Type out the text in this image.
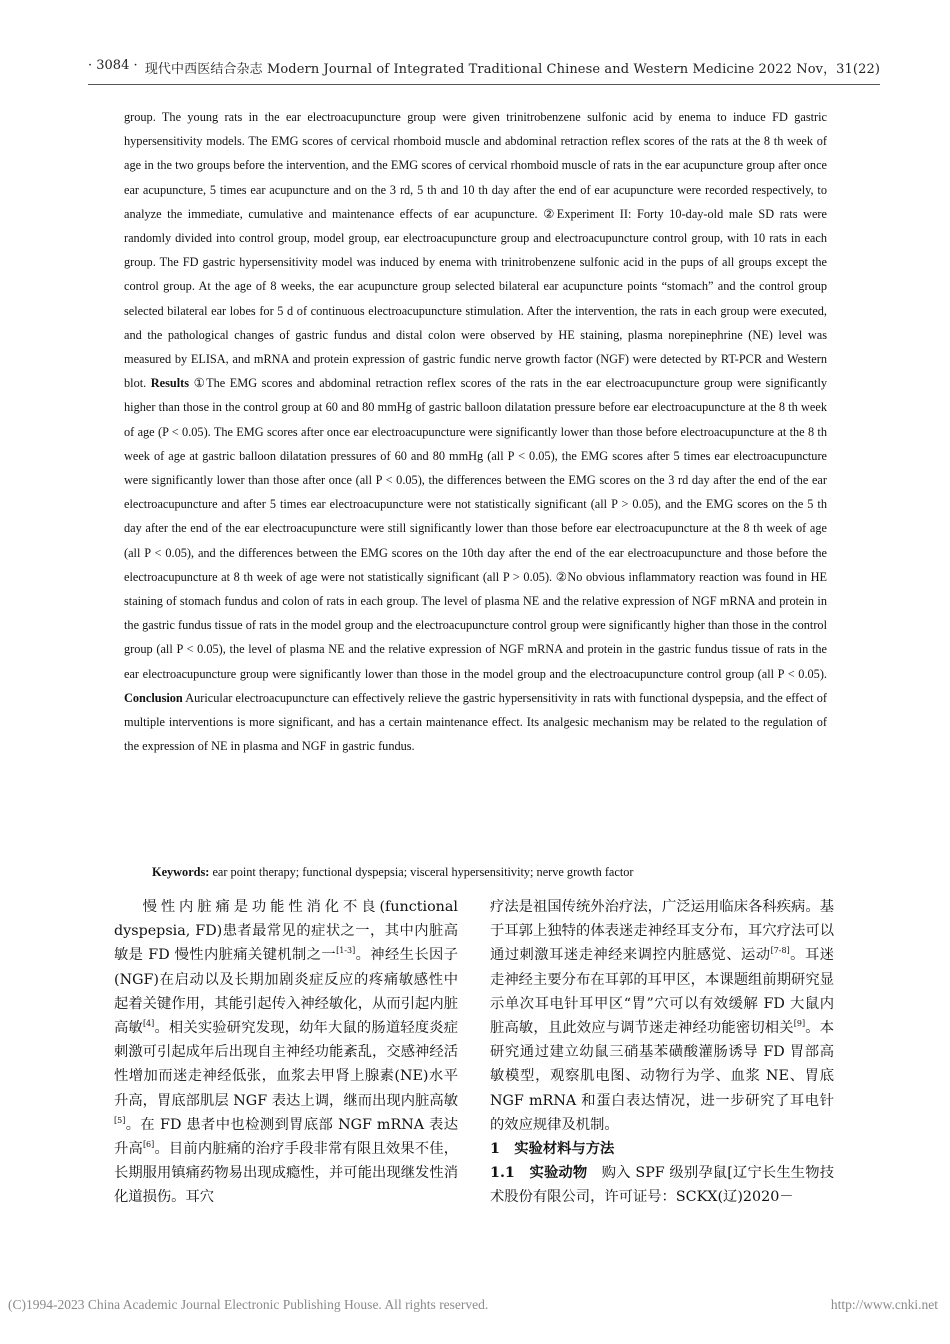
· 3084 · 现代中西医结合杂志 Modern Journal of Integrated Traditional Chinese and Western Medicine 2022 Nov，31(22)

group. The young rats in the ear electroacupuncture group were given trinitrobenzene sulfonic acid by enema to induce FD gastric hypersensitivity models. The EMG scores of cervical rhomboid muscle and abdominal retraction reflex scores of the rats at the 8 th week of age in the two groups before the intervention, and the EMG scores of cervical rhomboid muscle of rats in the ear acupuncture group after once ear acupuncture, 5 times ear acupuncture and on the 3 rd, 5 th and 10 th day after the end of ear acupuncture were recorded respectively, to analyze the immediate, cumulative and maintenance effects of ear acupuncture. ②Experiment II: Forty 10-day-old male SD rats were randomly divided into control group, model group, ear electroacupuncture group and electroacupuncture control group, with 10 rats in each group. The FD gastric hypersensitivity model was induced by enema with trinitrobenzene sulfonic acid in the pups of all groups except the control group. At the age of 8 weeks, the ear acupuncture group selected bilateral ear acupuncture points “stomach” and the control group selected bilateral ear lobes for 5 d of continuous electroacupuncture stimulation. After the intervention, the rats in each group were executed, and the pathological changes of gastric fundus and distal colon were observed by HE staining, plasma norepinephrine (NE) level was measured by ELISA, and mRNA and protein expression of gastric fundic nerve growth factor (NGF) were detected by RT-PCR and Western blot. Results ①The EMG scores and abdominal retraction reflex scores of the rats in the ear electroacupuncture group were significantly higher than those in the control group at 60 and 80 mmHg of gastric balloon dilatation pressure before ear electroacupuncture at the 8 th week of age (P < 0.05). The EMG scores after once ear electroacupuncture were significantly lower than those before electroacupuncture at the 8 th week of age at gastric balloon dilatation pressures of 60 and 80 mmHg (all P < 0.05), the EMG scores after 5 times ear electroacupuncture were significantly lower than those after once (all P < 0.05), the differences between the EMG scores on the 3 rd day after the end of the ear electroacupuncture and after 5 times ear electroacupuncture were not statistically significant (all P > 0.05), and the EMG scores on the 5 th day after the end of the ear electroacupuncture were still significantly lower than those before ear electroacupuncture at the 8 th week of age (all P < 0.05), and the differences between the EMG scores on the 10th day after the end of the ear electroacupuncture and those before the electroacupuncture at 8 th week of age were not statistically significant (all P > 0.05). ②No obvious inflammatory reaction was found in HE staining of stomach fundus and colon of rats in each group. The level of plasma NE and the relative expression of NGF mRNA and protein in the gastric fundus tissue of rats in the model group and the electroacupuncture control group were significantly higher than those in the control group (all P < 0.05), the level of plasma NE and the relative expression of NGF mRNA and protein in the gastric fundus tissue of rats in the ear electroacupuncture group were significantly lower than those in the model group and the electroacupuncture control group (all P < 0.05). Conclusion Auricular electroacupuncture can effectively relieve the gastric hypersensitivity in rats with functional dyspepsia, and the effect of multiple interventions is more significant, and has a certain maintenance effect. Its analgesic mechanism may be related to the regulation of the expression of NE in plasma and NGF in gastric fundus.

Keywords: ear point therapy; functional dyspepsia; visceral hypersensitivity; nerve growth factor

慢性内脏痛是功能性消化不良(functional dyspepsia, FD)患者最常见的症状之一，其中内脏高敏是 FD 慢性内脏痛关键机制之一[1-3]。神经生长因子(NGF)在启动以及长期加剧炎症反应的疼痛敏感性中起着关键作用，其能引起传入神经敏化，从而引起内脏高敏[4]。相关实验研究发现，幼年大鼠的肠道轻度炎症刺激可引起成年后出现自主神经功能紊乱，交感神经活性增加而迷走神经低张，血浆去甲肾上腺素(NE)水平升高，胃底部肌层 NGF 表达上调，继而出现内脏高敏[5]。在 FD 患者中也检测到胃底部 NGF mRNA 表达升高[6]。目前内脏痛的治疗手段非常有限且效果不佳，长期服用镇痛药物易出现成瘾性，并可能出现继发性消化道损伤。耳穴

疗法是祖国传统外治疗法，广泛运用临床各科疾病。基于耳郭上独特的体表迷走神经耳支分布，耳穴疗法可以通过刺激耳迷走神经来调控内脏感觉、运动[7-8]。耳迷走神经主要分布在耳郭的耳甲区，本课题组前期研究显示单次耳电针耳甲区“胃”穴可以有效缓解 FD 大鼠内脏高敏，且此效应与调节迷走神经功能密切相关[9]。本研究通过建立幼鼠三硝基苯磺酸灌肠诱导 FD 胃部高敏模型，观察肌电图、动物行为学、血浆 NE、胃底 NGF mRNA 和蛋白表达情况，进一步研究了耳电针的效应规律及机制。

1　实验材料与方法

1.1　实验动物　 购入 SPF 级别孕鼠[辽宁长生生物技术股份有限公司，许可证号：SCKX(辽)2020－

(C)1994-2023 China Academic Journal Electronic Publishing House. All rights reserved.	http://www.cnki.net
